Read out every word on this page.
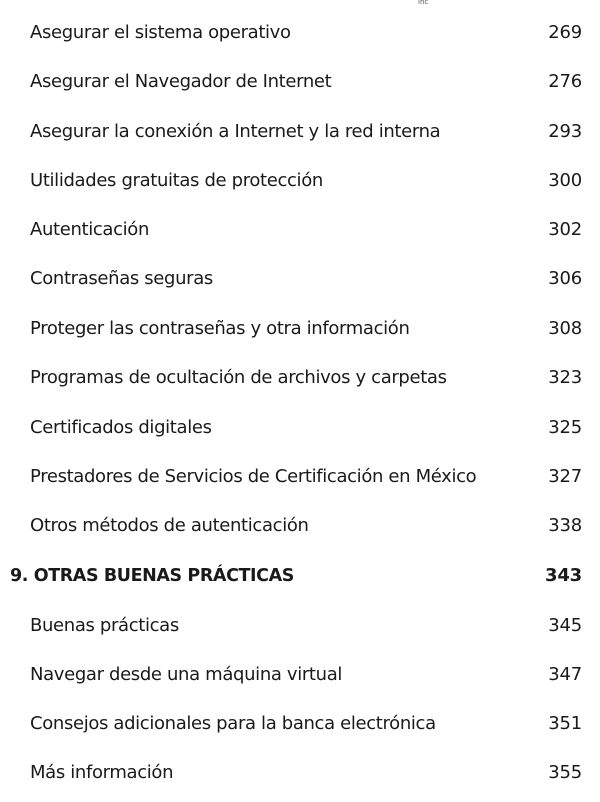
ınc
Asegurar el sistema operativo	269
Asegurar el Navegador de Internet	276
Asegurar la conexión a Internet y la red interna	293
Utilidades gratuitas de protección	300
Autenticación	302
Contraseñas seguras	306
Proteger las contraseñas y otra información	308
Programas de ocultación de archivos y carpetas	323
Certificados digitales	325
Prestadores de Servicios de Certificación en México	327
Otros métodos de autenticación	338
9. OTRAS BUENAS PRÁCTICAS	343
Buenas prácticas	345
Navegar desde una máquina virtual	347
Consejos adicionales para la banca electrónica	351
Más información	355
